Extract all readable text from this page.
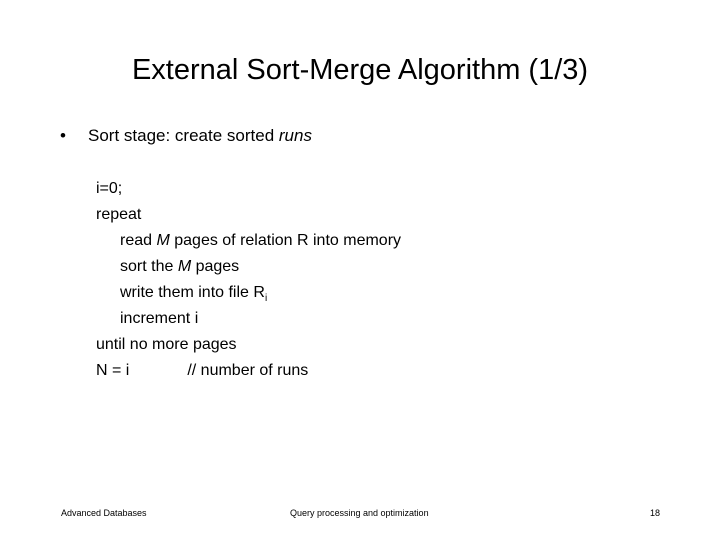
External Sort-Merge Algorithm (1/3)
• Sort stage: create sorted runs
i=0;
repeat
read M pages of relation R into memory
sort the M pages
write them into file $R_i$
increment i
until no more pages
N = i	// number of runs
Advanced Databases	Query processing and optimization	18
